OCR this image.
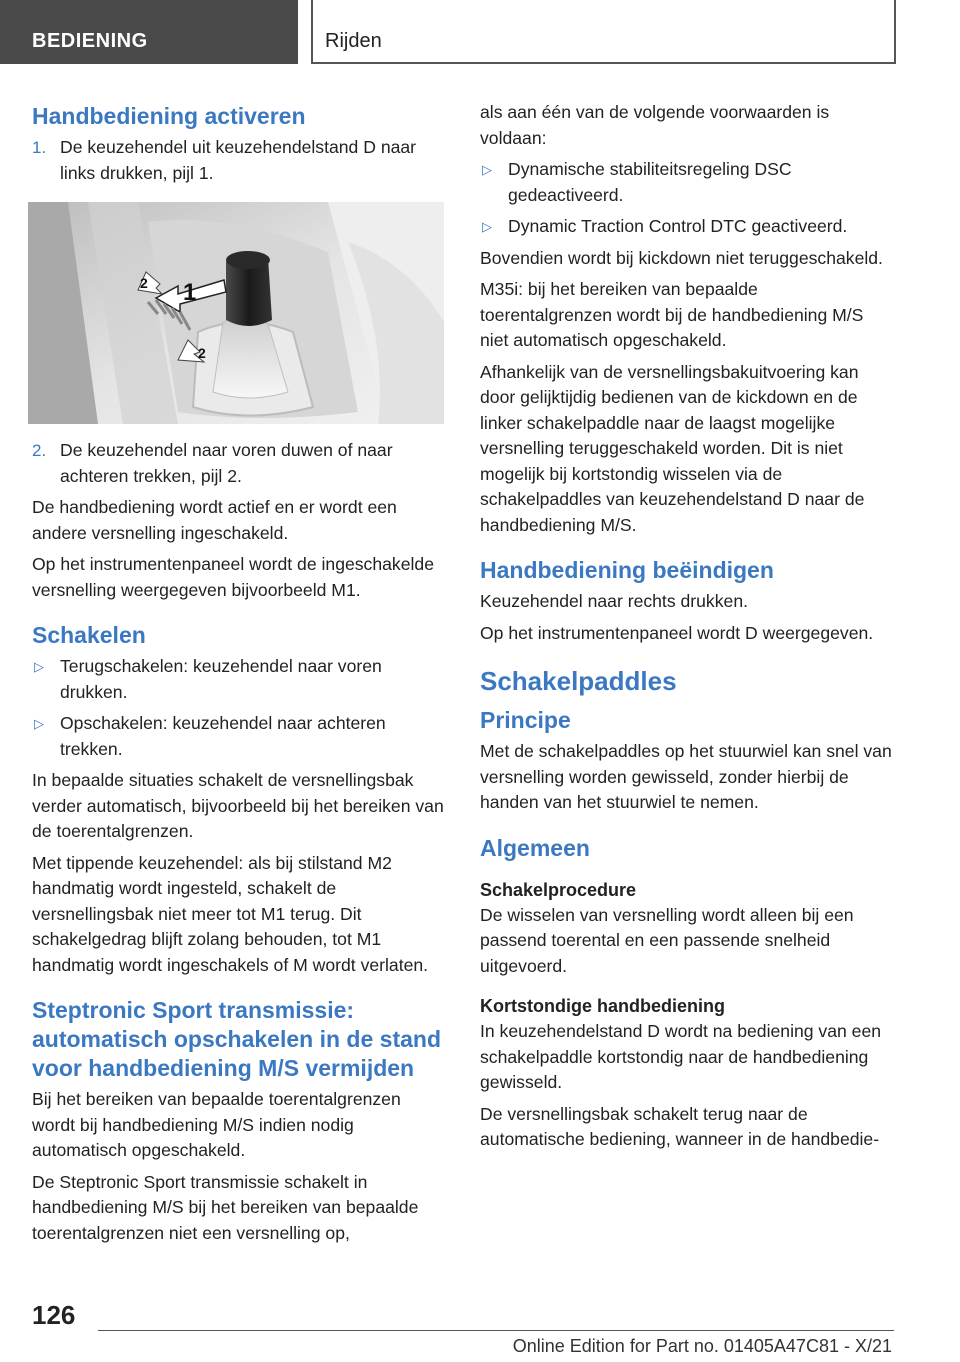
BEDIENING	Rijden
Handbediening activeren
1. De keuzehendel uit keuzehendelstand D naar links drukken, pijl 1.
1
2
2
2. De keuzehendel naar voren duwen of naar achteren trekken, pijl 2.

De handbediening wordt actief en er wordt een andere versnelling ingeschakeld.

Op het instrumentenpaneel wordt de ingeschakelde versnelling weergegeven bijvoorbeeld M1.

Schakelen
▷ Terugschakelen: keuzehendel naar voren drukken.
▷ Opschakelen: keuzehendel naar achteren trekken.

In bepaalde situaties schakelt de versnellingsbak verder automatisch, bijvoorbeeld bij het bereiken van de toerentalgrenzen.

Met tippende keuzehendel: als bij stilstand M2 handmatig wordt ingesteld, schakelt de versnellingsbak niet meer tot M1 terug. Dit schakelgedrag blijft zolang behouden, tot M1 handmatig wordt ingeschakels of M wordt verlaten.

Steptronic Sport transmissie: automatisch opschakelen in de stand voor handbediening M/S vermijden

Bij het bereiken van bepaalde toerentalgrenzen wordt bij handbediening M/S indien nodig automatisch opgeschakeld.

De Steptronic Sport transmissie schakelt in handbediening M/S bij het bereiken van bepaalde toerentalgrenzen niet een versnelling op,

als aan één van de volgende voorwaarden is voldaan:

▷ Dynamische stabiliteitsregeling DSC gedeactiveerd.
▷ Dynamic Traction Control DTC geactiveerd.

Bovendien wordt bij kickdown niet teruggeschakeld.

M35i: bij het bereiken van bepaalde toerentalgrenzen wordt bij de handbediening M/S niet automatisch opgeschakeld.

Afhankelijk van de versnellingsbakuitvoering kan door gelijktijdig bedienen van de kickdown en de linker schakelpaddle naar de laagst mogelijke versnelling teruggeschakeld worden. Dit is niet mogelijk bij kortstondig wisselen via de schakelpaddles van keuzehendelstand D naar de handbediening M/S.

Handbediening beëindigen

Keuzehendel naar rechts drukken.

Op het instrumentenpaneel wordt D weergegeven.

Schakelpaddles
Principe

Met de schakelpaddles op het stuurwiel kan snel van versnelling worden gewisseld, zonder hierbij de handen van het stuurwiel te nemen.

Algemeen
Schakelprocedure

De wisselen van versnelling wordt alleen bij een passend toerental en een passende snelheid uitgevoerd.

Kortstondige handbediening

In keuzehendelstand D wordt na bediening van een schakelpaddle kortstondig naar de handbediening gewisseld.

De versnellingsbak schakelt terug naar de automatische bediening, wanneer in de handbedie-

126
Online Edition for Part no. 01405A47C81 - X/21
